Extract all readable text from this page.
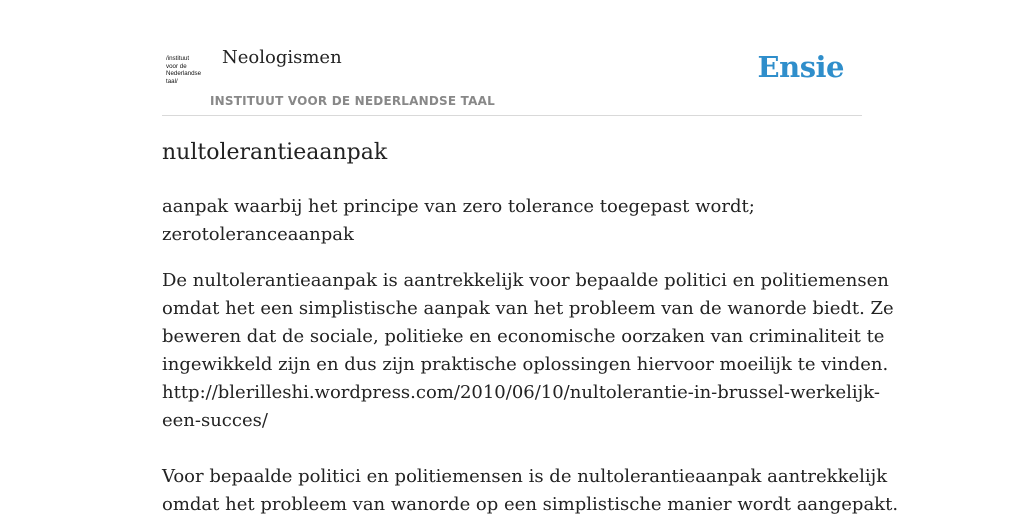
/instituut
voor de
Nederlandse
taal/
Neologismen
INSTITUUT VOOR DE NEDERLANDSE TAAL
Ensie
nultolerantieaanpak

aanpak waarbij het principe van zero tolerance toegepast wordt; zerotoleranceaanpak

De nultolerantieaanpak is aantrekkelijk voor bepaalde politici en politiemensen
omdat het een simplistische aanpak van het probleem van de wanorde biedt. Ze
beweren dat de sociale, politieke en economische oorzaken van criminaliteit te
ingewikkeld zijn en dus zijn praktische oplossingen hiervoor moeilijk te vinden.
http://blerilleshi.wordpress.com/2010/06/10/nultolerantie-in-brussel-werkelijk-
een-succes/
Voor bepaalde politici en politiemensen is de nultolerantieaanpak aantrekkelijk
omdat het probleem van wanorde op een simplistische manier wordt aangepakt.
